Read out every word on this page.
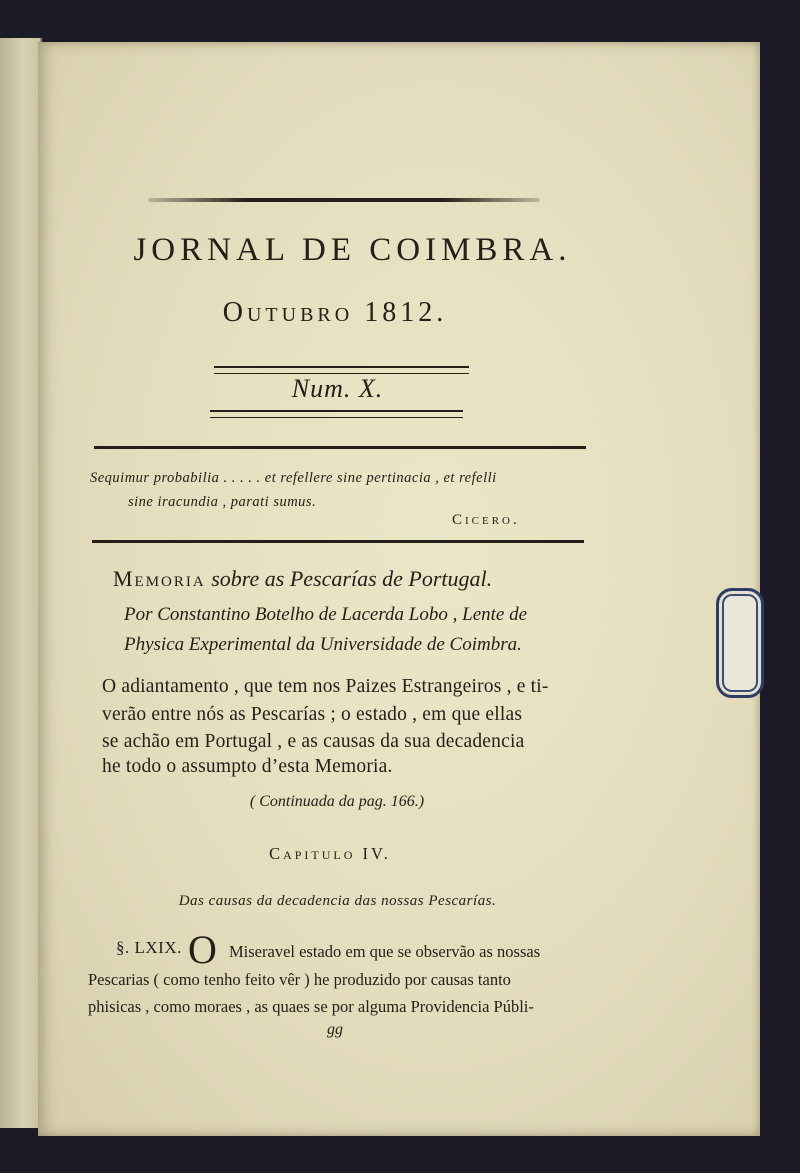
JORNAL DE COIMBRA.
Outubro 1812.
Num. X.
Sequimur probabilia . . . . . et refellere sine pertinacia , et refelli
sine iracundia , parati sumus.
Cicero.
Memoria sobre as Pescarías de Portugal.
Por Constantino Botelho de Lacerda Lobo , Lente de
Physica Experimental da Universidade de Coimbra.
O adiantamento , que tem nos Paizes Estrangeiros , e ti-
verão entre nós as Pescarías ; o estado , em que ellas
se achão em Portugal , e as causas da sua decadencia
he todo o assumpto d’esta Memoria.
( Continuada da pag. 166.)
Capitulo IV.
Das causas da decadencia das nossas Pescarías.
§. LXIX. O Miseravel estado em que se observão as nossas
Pescarias ( como tenho feito vêr ) he produzido por causas tanto
phisicas , como moraes , as quaes se por alguma Providencia Públi-
gg
